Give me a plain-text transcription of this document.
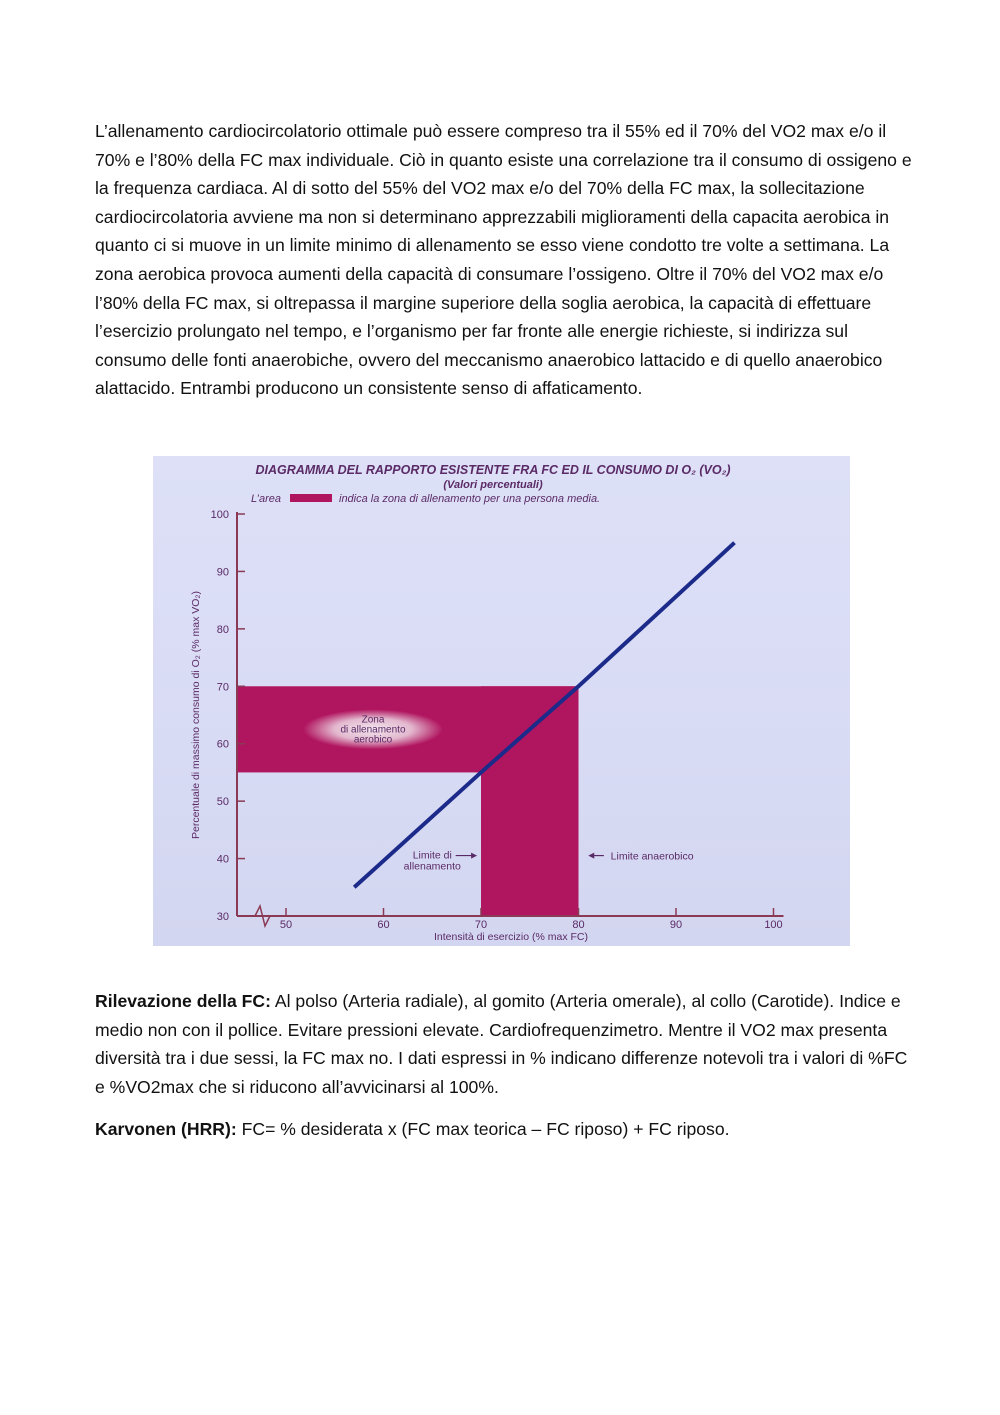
L’allenamento cardiocircolatorio ottimale può essere compreso tra il 55% ed il 70% del VO2 max e/o il 70% e l’80% della FC max individuale. Ciò in quanto esiste una correlazione tra il consumo di ossigeno e la frequenza cardiaca. Al di sotto del 55% del VO2 max e/o del 70% della FC max, la sollecitazione cardiocircolatoria avviene ma non si determinano apprezzabili miglioramenti della capacita aerobica in quanto ci si muove in un limite minimo di allenamento se esso viene condotto tre volte a settimana. La zona aerobica provoca aumenti della capacità di consumare l’ossigeno. Oltre il 70% del VO2 max e/o l’80% della FC max, si oltrepassa il margine superiore della soglia aerobica, la capacità di effettuare l’esercizio prolungato nel tempo, e l’organismo per far fronte alle energie richieste, si indirizza sul consumo delle fonti anaerobiche, ovvero del meccanismo anaerobico lattacido e di quello anaerobico alattacido. Entrambi producono un consistente senso di affaticamento.

DIAGRAMMA DEL RAPPORTO ESISTENTE FRA FC ED IL CONSUMO DI O₂ (VO₂)
(Valori percentuali)
L’area	indica la zona di allenamento per una persona media.
Zona
di allenamento
aerobico
30
40
50
60
70
80
90
100
50	60	70	80	90	100
Percentuale di massimo consumo di O₂ (% max VO₂)
Intensità di esercizio (% max FC)
Limite di
allenamento
Limite anaerobico

Rilevazione della FC: Al polso (Arteria radiale), al gomito (Arteria omerale), al collo (Carotide). Indice e medio non con il pollice. Evitare pressioni elevate. Cardiofrequenzimetro. Mentre il VO2 max presenta diversità tra i due sessi, la FC max no. I dati espressi in % indicano differenze notevoli tra i valori di %FC e %VO2max che si riducono all’avvicinarsi al 100%.

Karvonen (HRR): FC= % desiderata x (FC max teorica – FC riposo) + FC riposo.
